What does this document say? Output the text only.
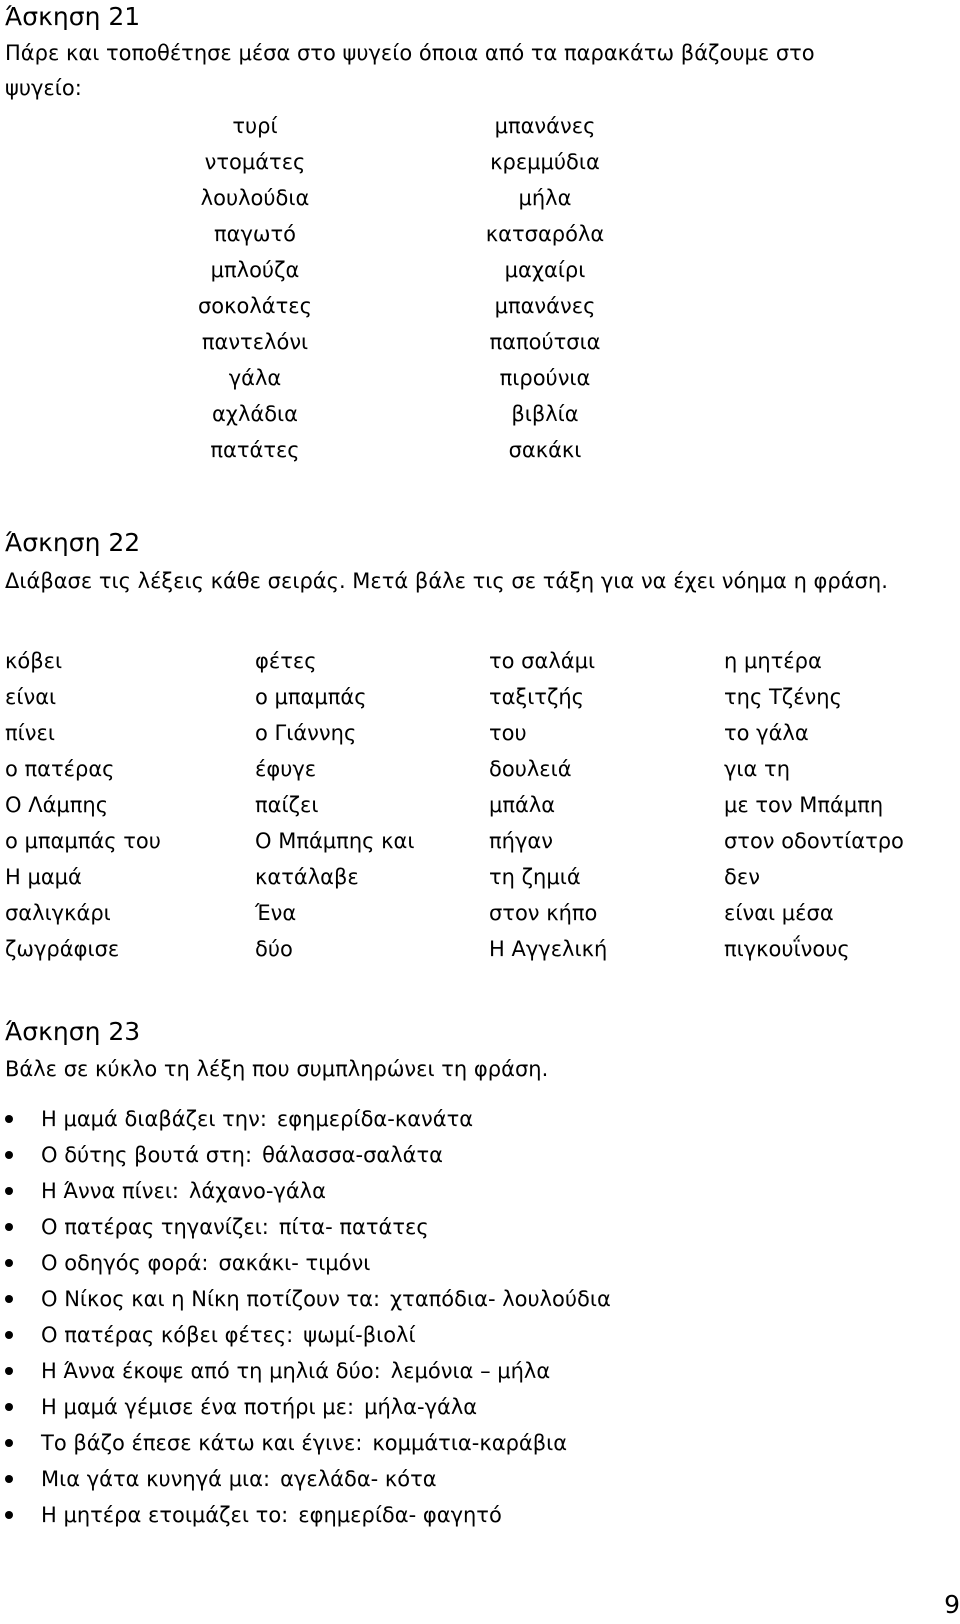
Άσκηση 21

Πάρε και τοποθέτησε μέσα στο ψυγείο όποια από τα παρακάτω βάζουμε στο

ψυγείο:

τυρί	μπανάνες
ντομάτες	κρεμμύδια
λουλούδια	μήλα
παγωτό	κατσαρόλα
μπλούζα	μαχαίρι
σοκολάτες	μπανάνες
παντελόνι	παπούτσια
γάλα	πιρούνια
αχλάδια	βιβλία
πατάτες	σακάκι
Άσκηση 22

Διάβασε τις λέξεις κάθε σειράς. Μετά βάλε τις σε τάξη για να έχει νόημα η φράση.

κόβει	φέτες	το σαλάμι	η μητέρα
είναι	ο μπαμπάς	ταξιτζής	της Τζένης
πίνει	ο Γιάννης	του	το γάλα
ο πατέρας	έφυγε	δουλειά	για τη
Ο Λάμπης	παίζει	μπάλα	με τον Μπάμπη
ο μπαμπάς του	Ο Μπάμπης και	πήγαν	στον οδοντίατρο
Η μαμά	κατάλαβε	τη ζημιά	δεν
σαλιγκάρι	Ένα	στον κήπο	είναι μέσα
ζωγράφισε	δύο	Η Αγγελική	πιγκουΐνους
Άσκηση 23

Βάλε σε κύκλο τη λέξη που συμπληρώνει τη φράση.

Η μαμά διαβάζει την: εφημερίδα-κανάτα
Ο δύτης βουτά στη: θάλασσα-σαλάτα
Η Άννα πίνει: λάχανο-γάλα
Ο πατέρας τηγανίζει: πίτα- πατάτες
Ο οδηγός φορά: σακάκι- τιμόνι
Ο Νίκος και η Νίκη ποτίζουν τα: χταπόδια- λουλούδια
Ο πατέρας κόβει φέτες: ψωμί-βιολί
Η Άννα έκοψε από τη μηλιά δύο: λεμόνια – μήλα
Η μαμά γέμισε ένα ποτήρι με: μήλα-γάλα
Το βάζο έπεσε κάτω και έγινε: κομμάτια-καράβια
Μια γάτα κυνηγά μια: αγελάδα- κότα
Η μητέρα ετοιμάζει το: εφημερίδα- φαγητό
9
